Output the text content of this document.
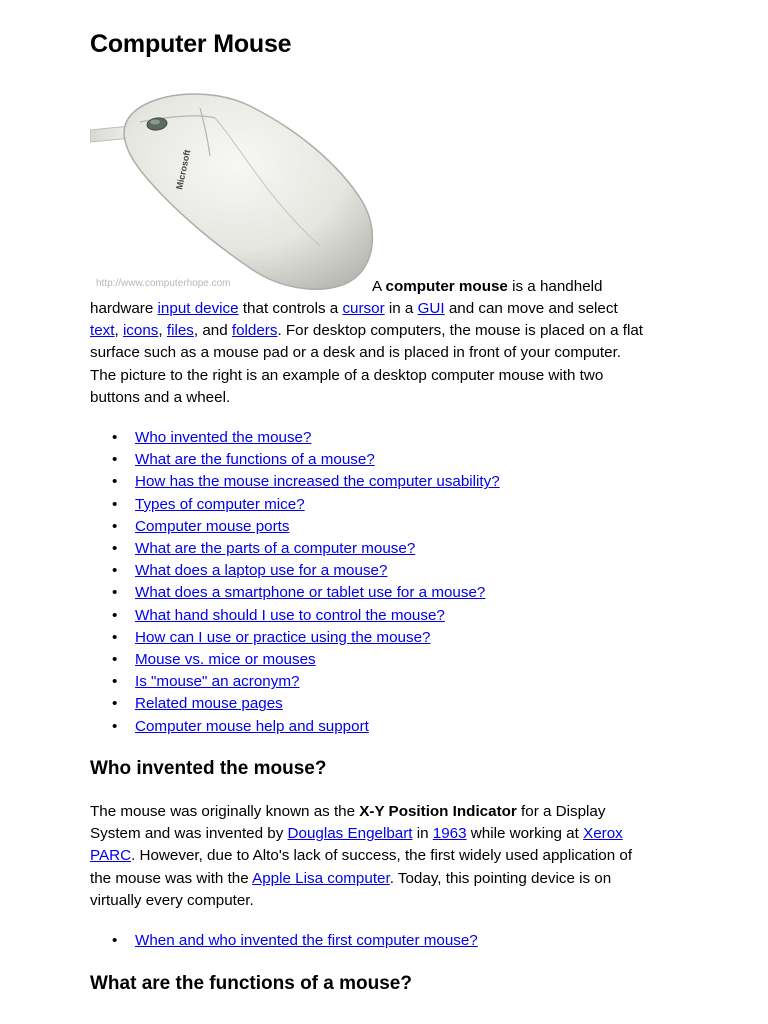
Computer Mouse
Microsoft
http://www.computerhope.com	A computer mouse is a handheld
hardware input device that controls a cursor in a GUI and can move and select
text, icons, files, and folders. For desktop computers, the mouse is placed on a flat
surface such as a mouse pad or a desk and is placed in front of your computer.
The picture to the right is an example of a desktop computer mouse with two
buttons and a wheel.
• Who invented the mouse?
• What are the functions of a mouse?
• How has the mouse increased the computer usability?
• Types of computer mice?
• Computer mouse ports
• What are the parts of a computer mouse?
• What does a laptop use for a mouse?
• What does a smartphone or tablet use for a mouse?
• What hand should I use to control the mouse?
• How can I use or practice using the mouse?
• Mouse vs. mice or mouses
• Is "mouse" an acronym?
• Related mouse pages
• Computer mouse help and support
Who invented the mouse?
The mouse was originally known as the X-Y Position Indicator for a Display
System and was invented by Douglas Engelbart in 1963 while working at Xerox
PARC. However, due to Alto's lack of success, the first widely used application of
the mouse was with the Apple Lisa computer. Today, this pointing device is on
virtually every computer.
• When and who invented the first computer mouse?
What are the functions of a mouse?
